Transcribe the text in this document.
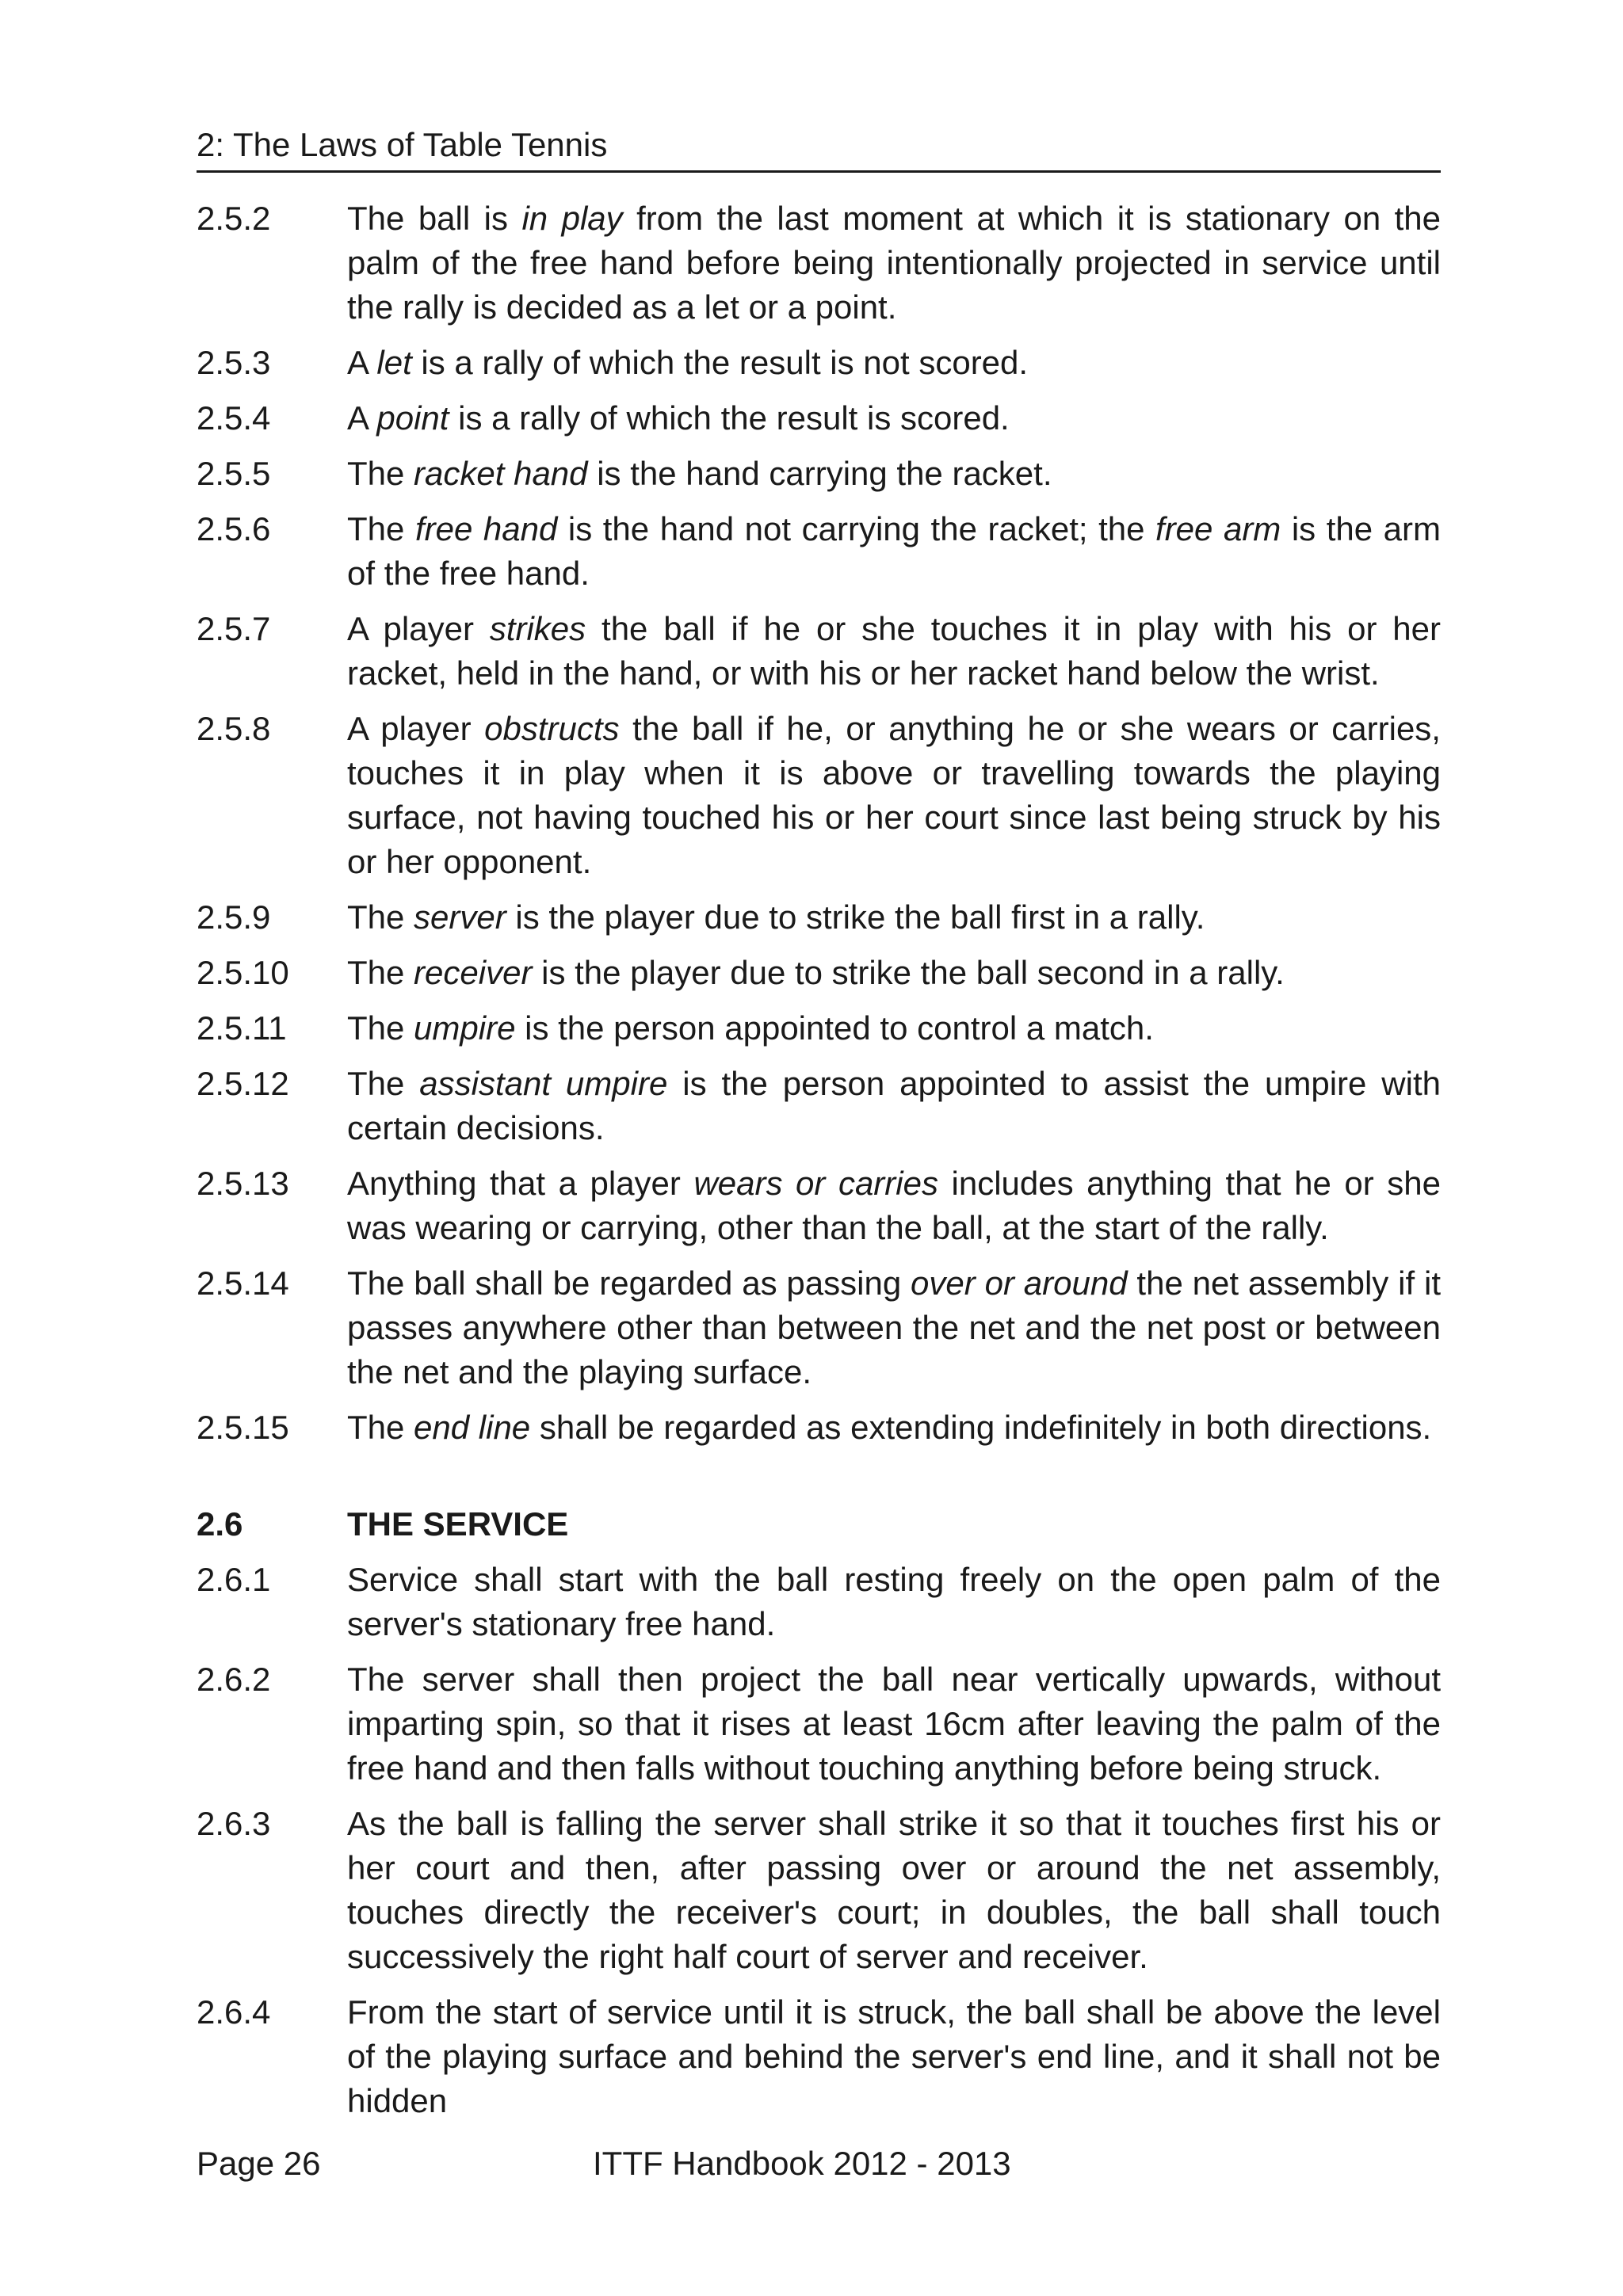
2: The Laws of Table Tennis
2.5.2	The ball is in play from the last moment at which it is stationary on the palm of the free hand before being intentionally projected in service until the rally is decided as a let or a point.
2.5.3	A let is a rally of which the result is not scored.
2.5.4	A point is a rally of which the result is scored.
2.5.5	The racket hand is the hand carrying the racket.
2.5.6	The free hand is the hand not carrying the racket; the free arm is the arm of the free hand.
2.5.7	A player strikes the ball if he or she touches it in play with his or her racket, held in the hand, or with his or her racket hand below the wrist.
2.5.8	A player obstructs the ball if he, or anything he or she wears or carries, touches it in play when it is above or travelling towards the playing surface, not having touched his or her court since last being struck by his or her opponent.
2.5.9	The server is the player due to strike the ball first in a rally.
2.5.10	The receiver is the player due to strike the ball second in a rally.
2.5.11	The umpire is the person appointed to control a match.
2.5.12	The assistant umpire is the person appointed to assist the umpire with certain decisions.
2.5.13	Anything that a player wears or carries includes anything that he or she was wearing or carrying, other than the ball, at the start of the rally.
2.5.14	The ball shall be regarded as passing over or around the net assembly if it passes anywhere other than between the net and the net post or between the net and the playing surface.
2.5.15	The end line shall be regarded as extending indefinitely in both directions.
2.6	THE SERVICE
2.6.1	Service shall start with the ball resting freely on the open palm of the server's stationary free hand.
2.6.2	The server shall then project the ball near vertically upwards, without imparting spin, so that it rises at least 16cm after leaving the palm of the free hand and then falls without touching anything before being struck.
2.6.3	As the ball is falling the server shall strike it so that it touches first his or her court and then, after passing over or around the net assembly, touches directly the receiver's court; in doubles, the ball shall touch successively the right half court of server and receiver.
2.6.4	From the start of service until it is struck, the ball shall be above the level of the playing surface and behind the server's end line, and it shall not be hidden
Page 26	ITTF Handbook 2012 - 2013
